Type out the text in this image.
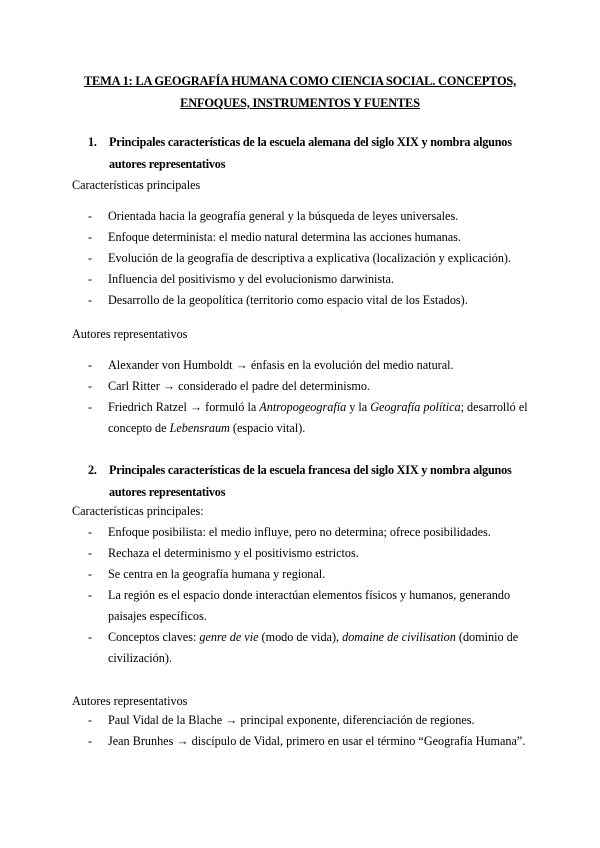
TEMA 1: LA GEOGRAFÍA HUMANA COMO CIENCIA SOCIAL. CONCEPTOS, ENFOQUES, INSTRUMENTOS Y FUENTES
1. Principales características de la escuela alemana del siglo XIX y nombra algunos autores representativos
Características principales
- Orientada hacia la geografía general y la búsqueda de leyes universales.
- Enfoque determinista: el medio natural determina las acciones humanas.
- Evolución de la geografía de descriptiva a explicativa (localización y explicación).
- Influencia del positivismo y del evolucionismo darwinista.
- Desarrollo de la geopolítica (territorio como espacio vital de los Estados).
Autores representativos
- Alexander von Humboldt → énfasis en la evolución del medio natural.
- Carl Ritter → considerado el padre del determinismo.
- Friedrich Ratzel → formuló la Antropogeografía y la Geografía política; desarrolló el concepto de Lebensraum (espacio vital).
2. Principales características de la escuela francesa del siglo XIX y nombra algunos autores representativos
Características principales:
- Enfoque posibilista: el medio influye, pero no determina; ofrece posibilidades.
- Rechaza el determinismo y el positivismo estrictos.
- Se centra en la geografía humana y regional.
- La región es el espacio donde interactúan elementos físicos y humanos, generando paisajes específicos.
- Conceptos claves: genre de vie (modo de vida), domaine de civilisation (dominio de civilización).
Autores representativos
- Paul Vidal de la Blache → principal exponente, diferenciación de regiones.
- Jean Brunhes → discípulo de Vidal, primero en usar el término “Geografía Humana”.
